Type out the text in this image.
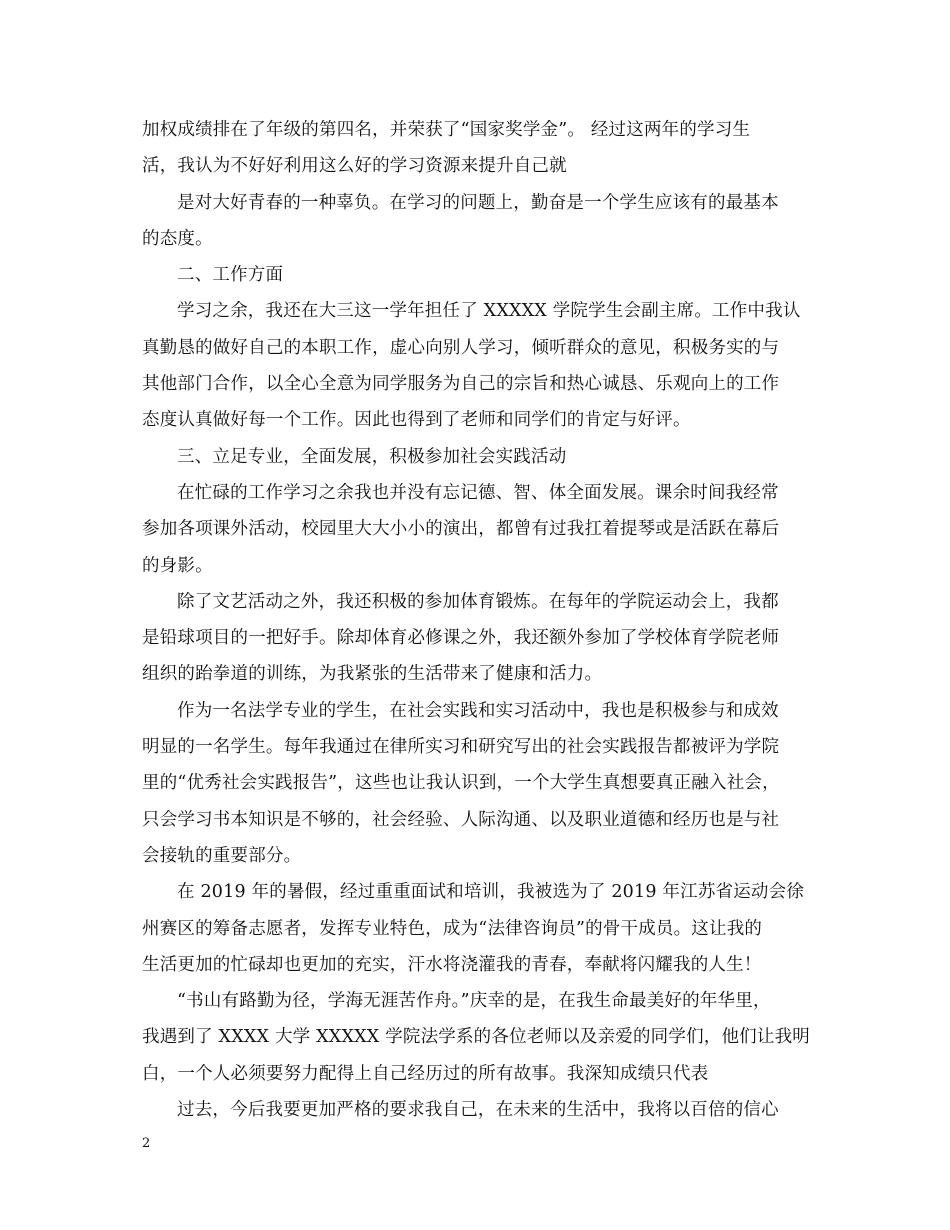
加权成绩排在了年级的第四名，并荣获了“国家奖学金”。 经过这两年的学习生
活，我认为不好好利用这么好的学习资源来提升自己就
是对大好青春的一种辜负。在学习的问题上，勤奋是一个学生应该有的最基本
的态度。
二、工作方面
学习之余，我还在大三这一学年担任了 XXXXX 学院学生会副主席。工作中我认
真勤恳的做好自己的本职工作，虚心向别人学习，倾听群众的意见，积极务实的与
其他部门合作，以全心全意为同学服务为自己的宗旨和热心诚恳、乐观向上的工作
态度认真做好每一个工作。因此也得到了老师和同学们的肯定与好评。
三、立足专业，全面发展，积极参加社会实践活动
在忙碌的工作学习之余我也并没有忘记德、智、体全面发展。课余时间我经常
参加各项课外活动，校园里大大小小的演出，都曾有过我扛着提琴或是活跃在幕后
的身影。
除了文艺活动之外，我还积极的参加体育锻炼。在每年的学院运动会上，我都
是铅球项目的一把好手。除却体育必修课之外，我还额外参加了学校体育学院老师
组织的跆拳道的训练，为我紧张的生活带来了健康和活力。
作为一名法学专业的学生，在社会实践和实习活动中，我也是积极参与和成效
明显的一名学生。每年我通过在律所实习和研究写出的社会实践报告都被评为学院
里的“优秀社会实践报告”，这些也让我认识到，一个大学生真想要真正融入社会，
只会学习书本知识是不够的，社会经验、人际沟通、以及职业道德和经历也是与社
会接轨的重要部分。
在 2019 年的暑假，经过重重面试和培训，我被选为了 2019 年江苏省运动会徐
州赛区的筹备志愿者，发挥专业特色，成为“法律咨询员”的骨干成员。这让我的
生活更加的忙碌却也更加的充实，汗水将浇灌我的青春，奉献将闪耀我的人生！
“书山有路勤为径，学海无涯苦作舟。”庆幸的是，在我生命最美好的年华里，
我遇到了 XXXX 大学 XXXXX 学院法学系的各位老师以及亲爱的同学们，他们让我明
白，一个人必须要努力配得上自己经历过的所有故事。我深知成绩只代表
过去，今后我要更加严格的要求我自己，在未来的生活中，我将以百倍的信心
2
